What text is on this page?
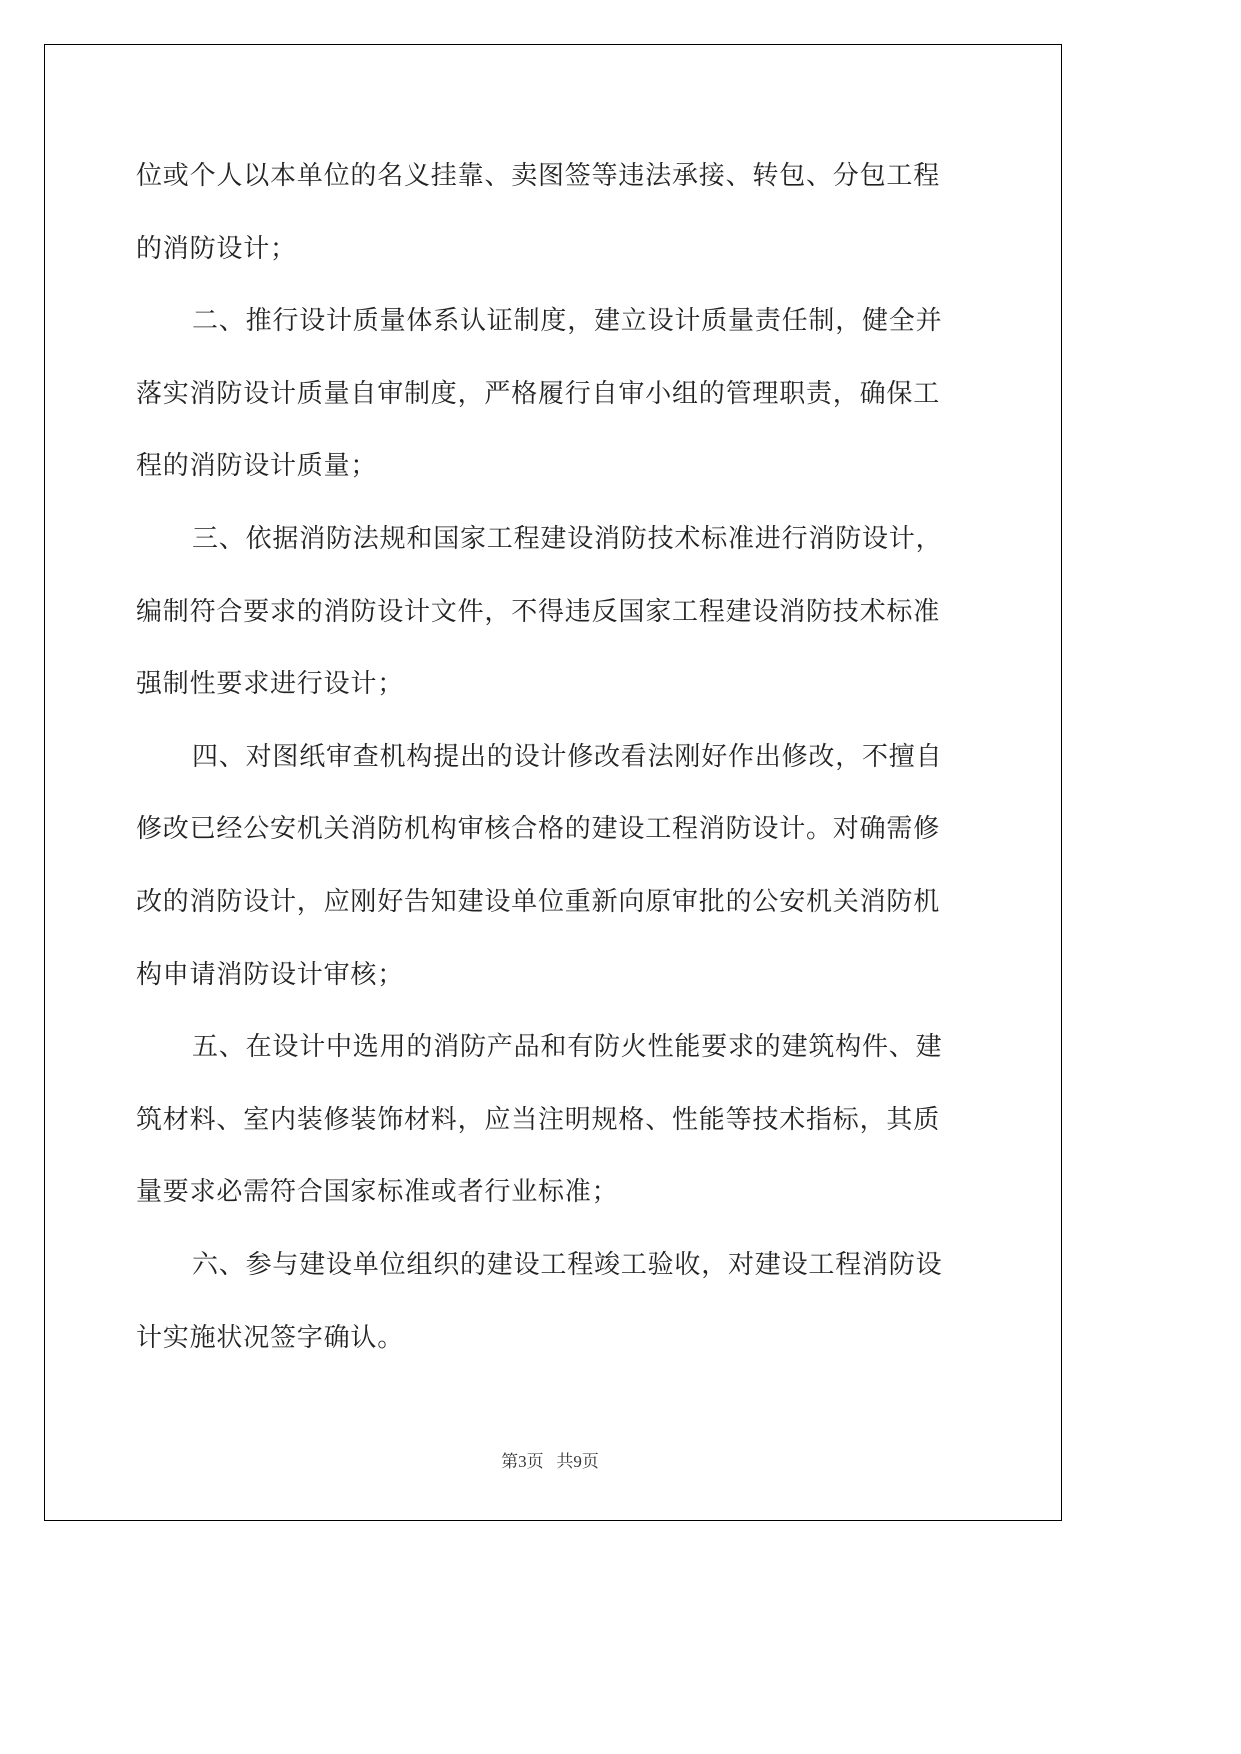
位或个人以本单位的名义挂靠、卖图签等违法承接、转包、分包工程

的消防设计；

二、推行设计质量体系认证制度，建立设计质量责任制，健全并

落实消防设计质量自审制度，严格履行自审小组的管理职责，确保工

程的消防设计质量；

三、依据消防法规和国家工程建设消防技术标准进行消防设计，

编制符合要求的消防设计文件，不得违反国家工程建设消防技术标准

强制性要求进行设计；

四、对图纸审查机构提出的设计修改看法刚好作出修改，不擅自

修改已经公安机关消防机构审核合格的建设工程消防设计。对确需修

改的消防设计，应刚好告知建设单位重新向原审批的公安机关消防机

构申请消防设计审核；

五、在设计中选用的消防产品和有防火性能要求的建筑构件、建

筑材料、室内装修装饰材料，应当注明规格、性能等技术指标，其质

量要求必需符合国家标准或者行业标准；

六、参与建设单位组织的建设工程竣工验收，对建设工程消防设

计实施状况签字确认。

第3页   共9页
